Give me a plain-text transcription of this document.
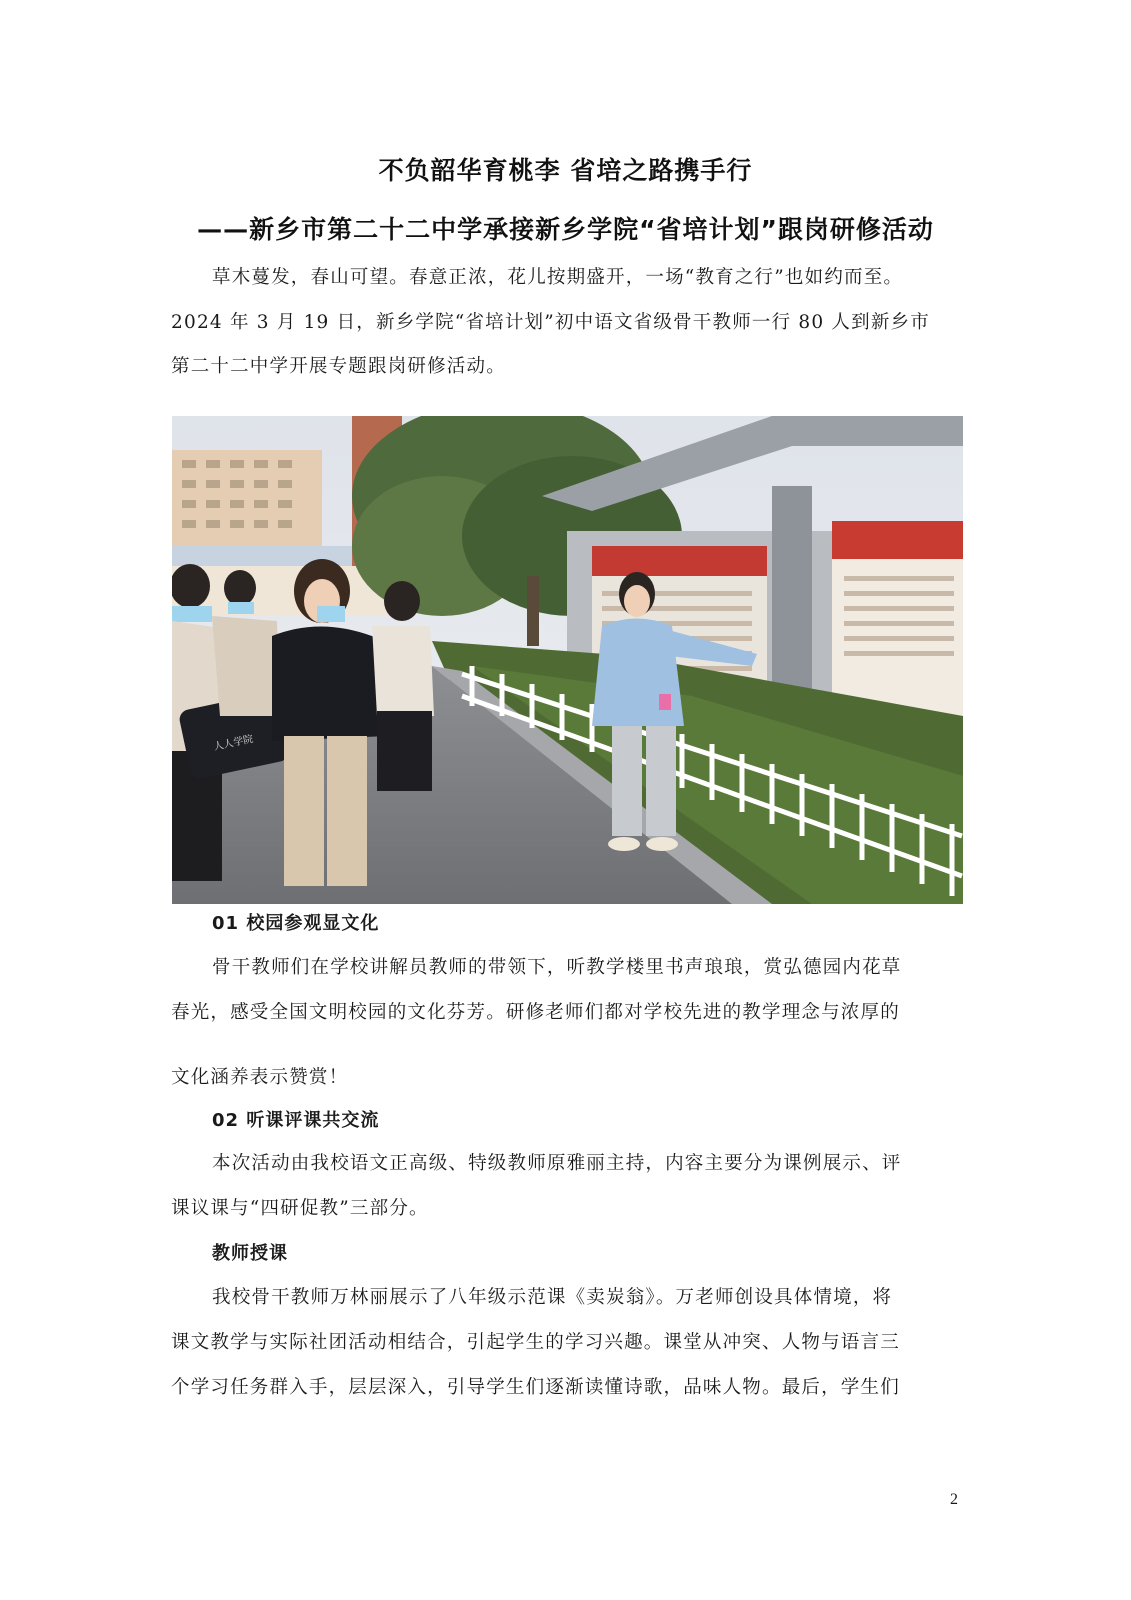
不负韶华育桃李 省培之路携手行
——新乡市第二十二中学承接新乡学院“省培计划”跟岗研修活动
草木蔓发，春山可望。春意正浓，花儿按期盛开，一场“教育之行”也如约而至。
2024 年 3 月 19 日，新乡学院“省培计划”初中语文省级骨干教师一行 80 人到新乡市
第二十二中学开展专题跟岗研修活动。
人人学院
01 校园参观显文化
骨干教师们在学校讲解员教师的带领下，听教学楼里书声琅琅，赏弘德园内花草
春光，感受全国文明校园的文化芬芳。研修老师们都对学校先进的教学理念与浓厚的
文化涵养表示赞赏！
02 听课评课共交流
本次活动由我校语文正高级、特级教师原雅丽主持，内容主要分为课例展示、评
课议课与“四研促教”三部分。
教师授课
我校骨干教师万林丽展示了八年级示范课《卖炭翁》。万老师创设具体情境，将
课文教学与实际社团活动相结合，引起学生的学习兴趣。课堂从冲突、人物与语言三
个学习任务群入手，层层深入，引导学生们逐渐读懂诗歌，品味人物。最后，学生们
2
